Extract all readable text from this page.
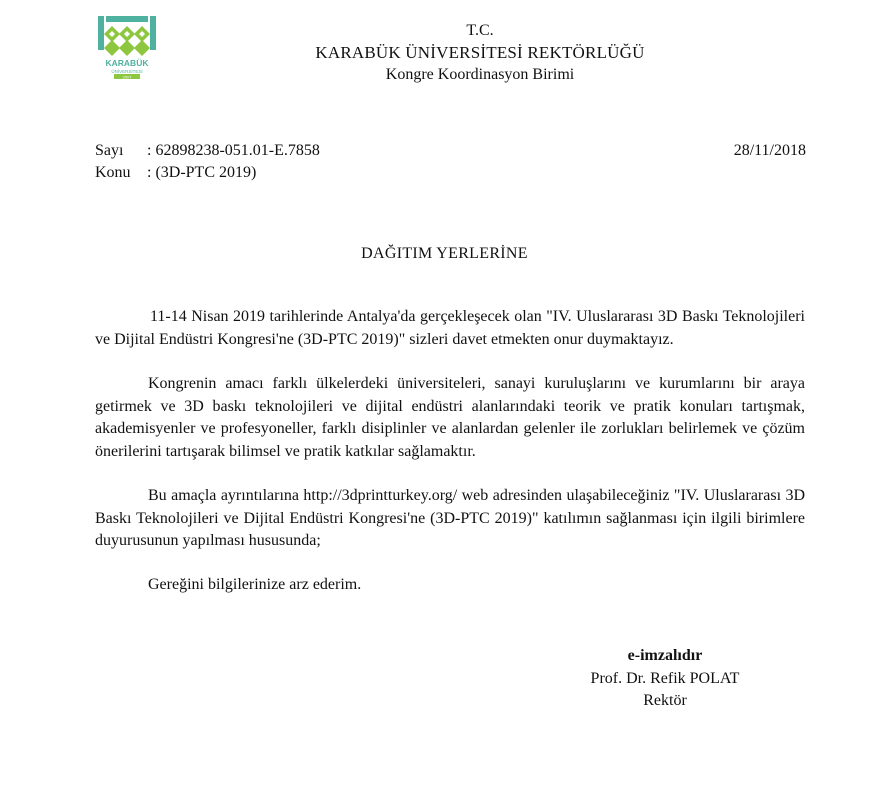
KARABÜK
ÜNİVERSİTESİ
2007
T.C.
KARABÜK ÜNİVERSİTESİ REKTÖRLÜĞÜ
Kongre Koordinasyon Birimi
Sayı	: 62898238-051.01-E.7858
Konu	: (3D-PTC 2019)
28/11/2018
DAĞITIM YERLERİNE

11-14 Nisan 2019 tarihlerinde Antalya'da gerçekleşecek olan "IV. Uluslararası 3D Baskı Teknolojileri ve Dijital Endüstri Kongresi'ne (3D-PTC 2019)" sizleri davet etmekten onur duymaktayız.

Kongrenin amacı farklı ülkelerdeki üniversiteleri, sanayi kuruluşlarını ve kurumlarını bir araya getirmek ve 3D baskı teknolojileri ve dijital endüstri alanlarındaki teorik ve pratik konuları tartışmak, akademisyenler ve profesyoneller, farklı disiplinler ve alanlardan gelenler ile zorlukları belirlemek ve çözüm önerilerini tartışarak bilimsel ve pratik katkılar sağlamaktır.

Bu amaçla ayrıntılarına http://3dprintturkey.org/ web adresinden ulaşabileceğiniz "IV. Uluslararası 3D Baskı Teknolojileri ve Dijital Endüstri Kongresi'ne (3D-PTC 2019)" katılımın sağlanması için ilgili birimlere duyurusunun yapılması hususunda;

Gereğini bilgilerinize arz ederim.

e-imzalıdır
Prof. Dr. Refik POLAT
Rektör
